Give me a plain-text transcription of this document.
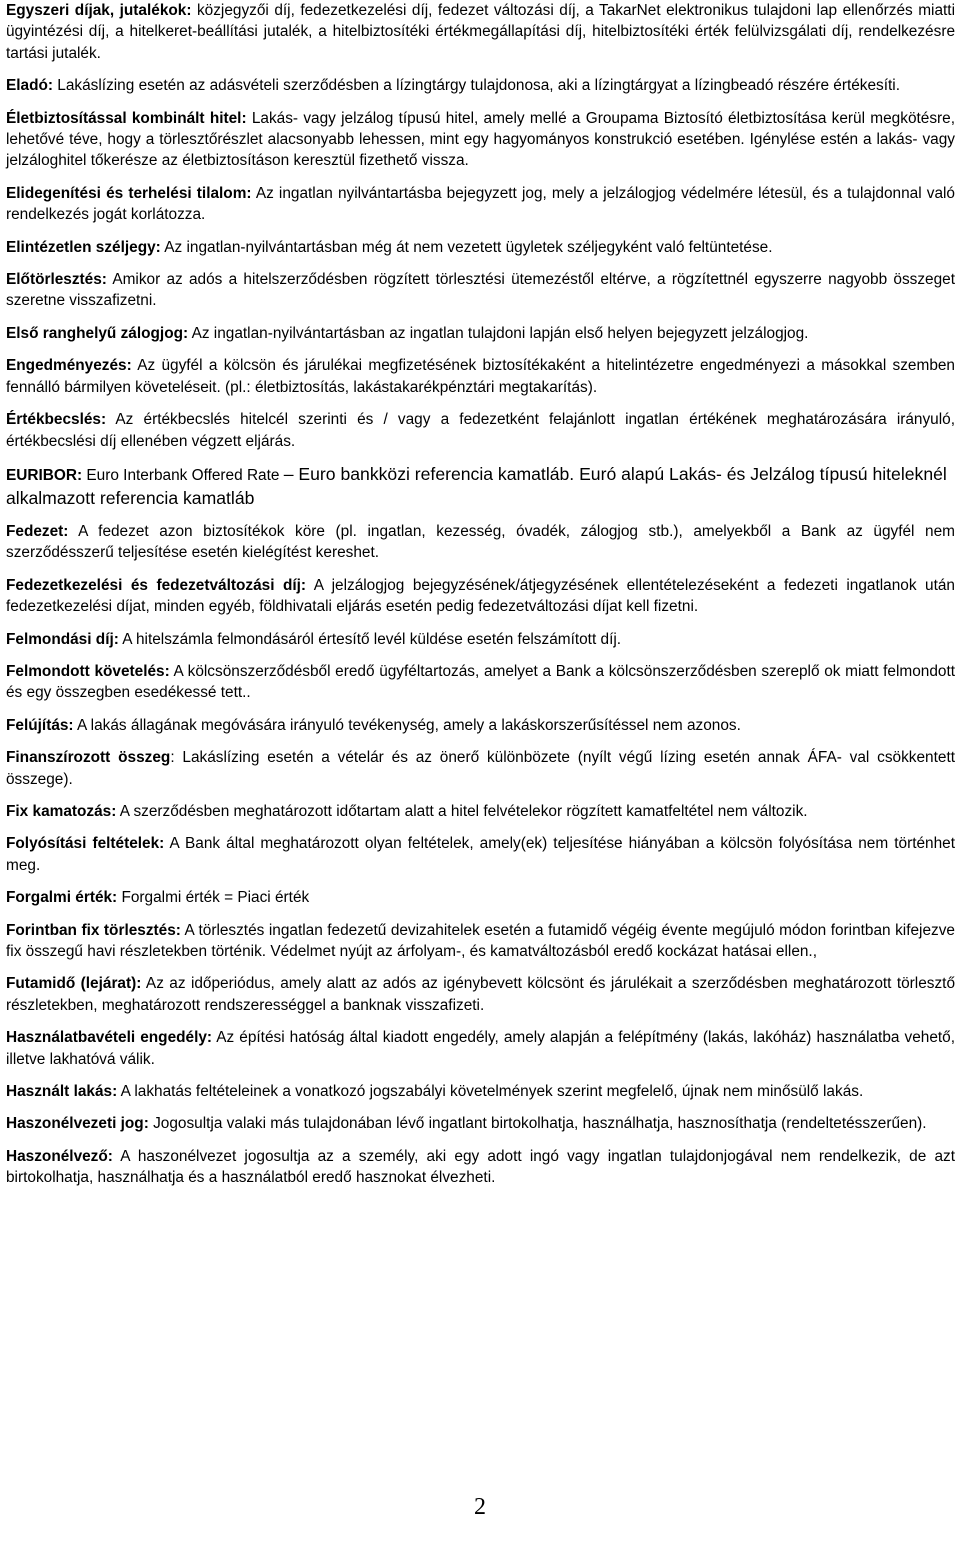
Egyszeri díjak, jutalékok: közjegyzői díj, fedezetkezelési díj, fedezet változási díj, a TakarNet elektronikus tulajdoni lap ellenőrzés miatti ügyintézési díj, a hitelkeret-beállítási jutalék, a hitelbiztosítéki értékmegállapítási díj, hitelbiztosítéki érték felülvizsgálati díj, rendelkezésre tartási jutalék.

Eladó: Lakáslízing esetén az adásvételi szerződésben a lízingtárgy tulajdonosa, aki a lízingtárgyat a lízingbeadó részére értékesíti.

Életbiztosítással kombinált hitel: Lakás- vagy jelzálog típusú hitel, amely mellé a Groupama Biztosító életbiztosítása kerül megkötésre, lehetővé téve, hogy a törlesztőrészlet alacsonyabb lehessen, mint egy hagyományos konstrukció esetében. Igénylése estén a lakás- vagy jelzáloghitel tőkerésze az életbiztosításon keresztül fizethető vissza.

Elidegenítési és terhelési tilalom: Az ingatlan nyilvántartásba bejegyzett jog, mely a jelzálogjog védelmére létesül, és a tulajdonnal való rendelkezés jogát korlátozza.

Elintézetlen széljegy: Az ingatlan-nyilvántartásban még át nem vezetett ügyletek széljegyként való feltüntetése.

Előtörlesztés: Amikor az adós a hitelszerződésben rögzített törlesztési ütemezéstől eltérve, a rögzítettnél egyszerre nagyobb összeget szeretne visszafizetni.

Első ranghelyű zálogjog: Az ingatlan-nyilvántartásban az ingatlan tulajdoni lapján első helyen bejegyzett jelzálogjog.

Engedményezés: Az ügyfél a kölcsön és járulékai megfizetésének biztosítékaként a hitelintézetre engedményezi a másokkal szemben fennálló bármilyen követeléseit. (pl.: életbiztosítás, lakástakarékpénztári megtakarítás).

Értékbecslés: Az értékbecslés hitelcél szerinti és / vagy a fedezetként felajánlott ingatlan értékének meghatározására irányuló, értékbecslési díj ellenében végzett eljárás.

EURIBOR: Euro Interbank Offered Rate – Euro bankközi referencia kamatláb. Euró alapú Lakás- és Jelzálog típusú hiteleknél alkalmazott referencia kamatláb

Fedezet: A fedezet azon biztosítékok köre (pl. ingatlan, kezesség, óvadék, zálogjog stb.), amelyekből a Bank az ügyfél nem szerződésszerű teljesítése esetén kielégítést kereshet.

Fedezetkezelési és fedezetváltozási díj: A jelzálogjog bejegyzésének/átjegyzésének ellentételezéseként a fedezeti ingatlanok után fedezetkezelési díjat, minden egyéb, földhivatali eljárás esetén pedig fedezetváltozási díjat kell fizetni.

Felmondási díj: A hitelszámla felmondásáról értesítő levél küldése esetén felszámított díj.

Felmondott követelés: A kölcsönszerződésből eredő ügyféltartozás, amelyet a Bank a kölcsönszerződésben szereplő ok miatt felmondott és egy összegben esedékessé tett..

Felújítás: A lakás állagának megóvására irányuló tevékenység, amely a lakáskorszerűsítéssel nem azonos.

Finanszírozott összeg: Lakáslízing esetén a vételár és az önerő különbözete (nyílt végű lízing esetén annak ÁFA- val csökkentett összege).

Fix kamatozás: A szerződésben meghatározott időtartam alatt a hitel felvételekor rögzített kamatfeltétel nem változik.

Folyósítási feltételek: A Bank által meghatározott olyan feltételek, amely(ek) teljesítése hiányában a kölcsön folyósítása nem történhet meg.

Forgalmi érték: Forgalmi érték = Piaci érték

Forintban fix törlesztés: A törlesztés ingatlan fedezetű devizahitelek esetén a futamidő végéig évente megújuló módon forintban kifejezve fix összegű havi részletekben történik. Védelmet nyújt az árfolyam-, és kamatváltozásból eredő kockázat hatásai ellen.,

Futamidő (lejárat): Az az időperiódus, amely alatt az adós az igénybevett kölcsönt és járulékait a szerződésben meghatározott törlesztő részletekben, meghatározott rendszerességgel a banknak visszafizeti.

Használatbavételi engedély: Az építési hatóság által kiadott engedély, amely alapján a felépítmény (lakás, lakóház) használatba vehető, illetve lakhatóvá válik.

Használt lakás: A lakhatás feltételeinek a vonatkozó jogszabályi követelmények szerint megfelelő, újnak nem minősülő lakás.

Haszonélvezeti jog: Jogosultja valaki más tulajdonában lévő ingatlant birtokolhatja, használhatja, hasznosíthatja (rendeltetésszerűen).

Haszonélvező: A haszonélvezet jogosultja az a személy, aki egy adott ingó vagy ingatlan tulajdonjogával nem rendelkezik, de azt birtokolhatja, használhatja és a használatból eredő hasznokat élvezheti.

2
